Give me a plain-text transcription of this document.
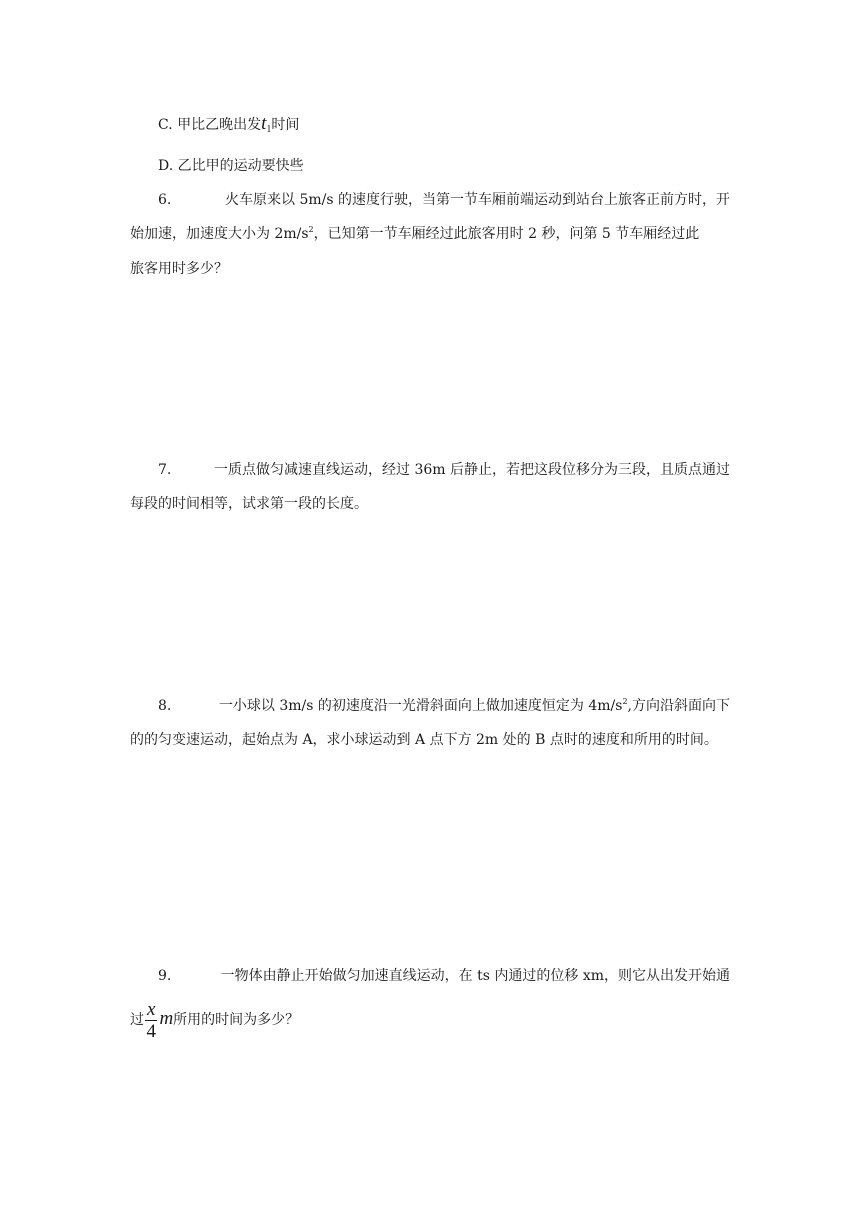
C. 甲比乙晚出发$t_1$时间
D. 乙比甲的运动要快些
6.	火车原来以 5m/s 的速度行驶，当第一节车厢前端运动到站台上旅客正前方时，开
始加速，加速度大小为 $2m/s^2$，已知第一节车厢经过此旅客用时 2 秒，问第 5 节车厢经过此
旅客用时多少？
7.	一质点做匀减速直线运动，经过 36m 后静止，若把这段位移分为三段，且质点通过
每段的时间相等，试求第一段的长度。
8.	一小球以 3m/s 的初速度沿一光滑斜面向上做加速度恒定为 $4m/s^2$,方向沿斜面向下
的的匀变速运动，起始点为 A，求小球运动到 A 点下方 2m 处的 B 点时的速度和所用的时间。
9.	一物体由静止开始做匀加速直线运动，在 ts 内通过的位移 xm，则它从出发开始通
过 $\frac{x}{4}$ m所用的时间为多少？
